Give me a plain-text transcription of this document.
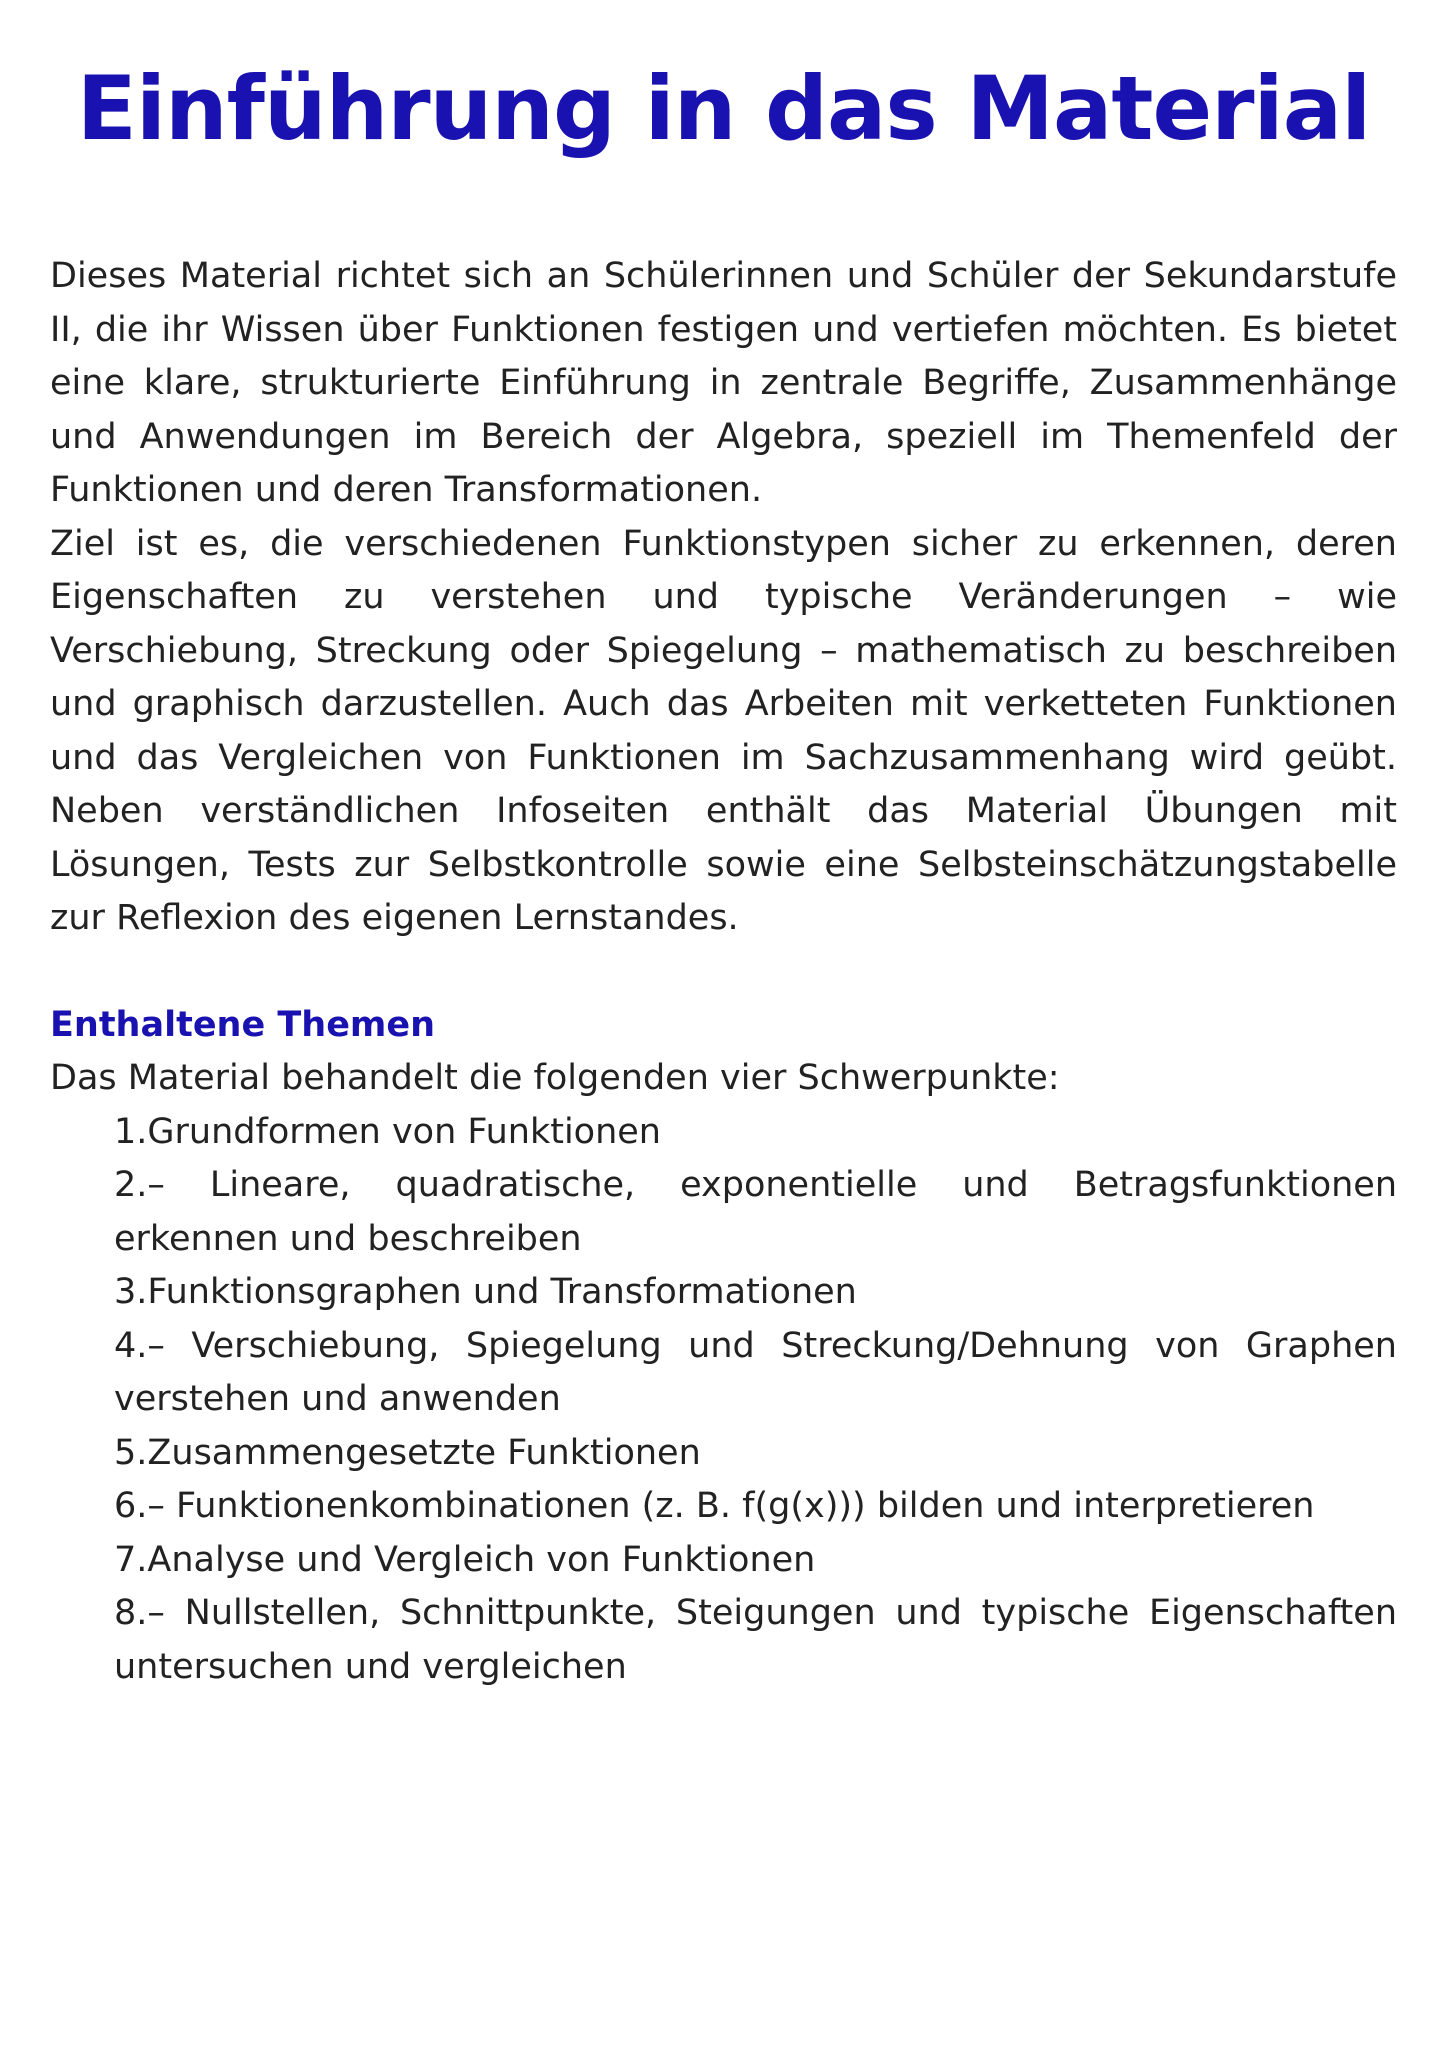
Einführung in das Material

Dieses Material richtet sich an Schülerinnen und Schüler der Sekundarstufe II, die ihr Wissen über Funktionen festigen und vertiefen möchten. Es bietet eine klare, strukturierte Einführung in zentrale Begriffe, Zusammenhänge und Anwendungen im Bereich der Algebra, speziell im Themenfeld der Funktionen und deren Transformationen.

Ziel ist es, die verschiedenen Funktionstypen sicher zu erkennen, deren Eigenschaften zu verstehen und typische Veränderungen – wie Verschiebung, Streckung oder Spiegelung – mathematisch zu beschreiben und graphisch darzustellen. Auch das Arbeiten mit verketteten Funktionen und das Vergleichen von Funktionen im Sachzusammenhang wird geübt. Neben verständlichen Infoseiten enthält das Material Übungen mit Lösungen, Tests zur Selbstkontrolle sowie eine Selbsteinschätzungstabelle zur Reflexion des eigenen Lernstandes.

Enthaltene Themen

Das Material behandelt die folgenden vier Schwerpunkte:

1.Grundformen von Funktionen
2.– Lineare, quadratische, exponentielle und Betragsfunktionen erkennen und beschreiben
3.Funktionsgraphen und Transformationen
4.– Verschiebung, Spiegelung und Streckung/Dehnung von Graphen verstehen und anwenden
5.Zusammengesetzte Funktionen
6.– Funktionenkombinationen (z. B. f(g(x))) bilden und interpretieren
7.Analyse und Vergleich von Funktionen
8.– Nullstellen, Schnittpunkte, Steigungen und typische Eigenschaften untersuchen und vergleichen
